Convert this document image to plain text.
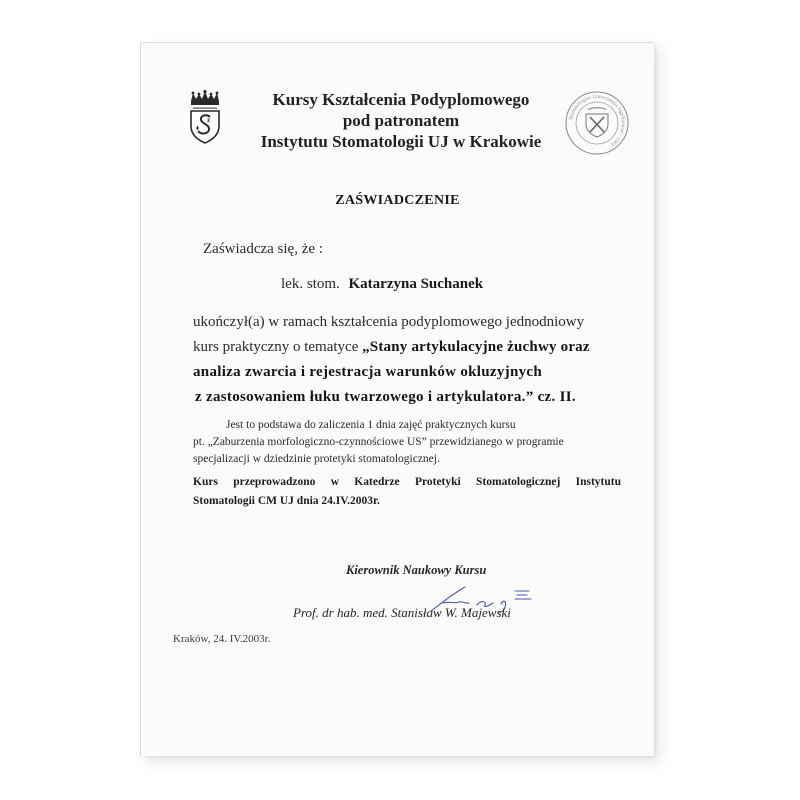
z
Kursy Kształcenia Podyplomowego
pod patronatem
Instytutu Stomatologii UJ w Krakowie
Stomatologiae Universitatis Jagellonicae · 1961 ·
ZAŚWIADCZENIE
Zaświadcza się, że :
lek. stom. Katarzyna Suchanek
ukończył(a) w ramach kształcenia podyplomowego jednodniowy
kurs praktyczny o tematyce „Stany artykulacyjne żuchwy oraz
analiza zwarcia i rejestracja warunków okluzyjnych
z zastosowaniem łuku twarzowego i artykulatora.” cz. II.
Jest to podstawa do zaliczenia 1 dnia zajęć praktycznych kursu
pt. „Zaburzenia morfologiczno-czynnościowe US” przewidzianego w programie
specjalizacji w dziedzinie protetyki stomatologicznej.
Kurs przeprowadzono w Katedrze Protetyki Stomatologicznej Instytutu
Stomatologii CM UJ dnia 24.IV.2003r.
Kierownik Naukowy Kursu
Prof. dr hab. med. Stanisław W. Majewski
Kraków, 24. IV.2003r.
